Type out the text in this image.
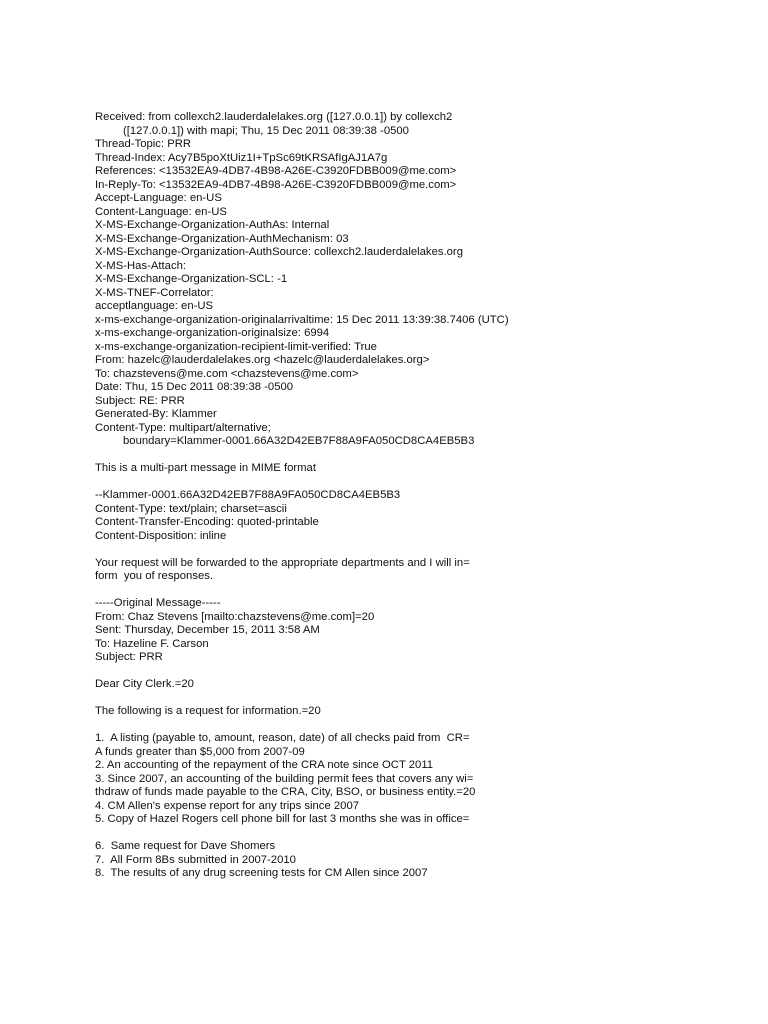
Received: from collexch2.lauderdalelakes.org ([127.0.0.1]) by collexch2
([127.0.0.1]) with mapi; Thu, 15 Dec 2011 08:39:38 -0500
Thread-Topic: PRR
Thread-Index: Acy7B5poXtUiz1I+TpSc69tKRSAfIgAJ1A7g
References: <13532EA9-4DB7-4B98-A26E-C3920FDBB009@me.com>
In-Reply-To: <13532EA9-4DB7-4B98-A26E-C3920FDBB009@me.com>
Accept-Language: en-US
Content-Language: en-US
X-MS-Exchange-Organization-AuthAs: Internal
X-MS-Exchange-Organization-AuthMechanism: 03
X-MS-Exchange-Organization-AuthSource: collexch2.lauderdalelakes.org
X-MS-Has-Attach:
X-MS-Exchange-Organization-SCL: -1
X-MS-TNEF-Correlator:
acceptlanguage: en-US
x-ms-exchange-organization-originalarrivaltime: 15 Dec 2011 13:39:38.7406 (UTC)
x-ms-exchange-organization-originalsize: 6994
x-ms-exchange-organization-recipient-limit-verified: True
From: hazelc@lauderdalelakes.org <hazelc@lauderdalelakes.org>
To: chazstevens@me.com <chazstevens@me.com>
Date: Thu, 15 Dec 2011 08:39:38 -0500
Subject: RE: PRR
Generated-By: Klammer
Content-Type: multipart/alternative;
boundary=Klammer-0001.66A32D42EB7F88A9FA050CD8CA4EB5B3
This is a multi-part message in MIME format
--Klammer-0001.66A32D42EB7F88A9FA050CD8CA4EB5B3
Content-Type: text/plain; charset=ascii
Content-Transfer-Encoding: quoted-printable
Content-Disposition: inline
Your request will be forwarded to the appropriate departments and I will in=
form  you of responses.
-----Original Message-----
From: Chaz Stevens [mailto:chazstevens@me.com]=20
Sent: Thursday, December 15, 2011 3:58 AM
To: Hazeline F. Carson
Subject: PRR
Dear City Clerk.=20
The following is a request for information.=20
1.  A listing (payable to, amount, reason, date) of all checks paid from  CR=
A funds greater than $5,000 from 2007-09
2. An accounting of the repayment of the CRA note since OCT 2011
3. Since 2007, an accounting of the building permit fees that covers any wi=
thdraw of funds made payable to the CRA, City, BSO, or business entity.=20
4. CM Allen's expense report for any trips since 2007
5. Copy of Hazel Rogers cell phone bill for last 3 months she was in office=
6.  Same request for Dave Shomers
7.  All Form 8Bs submitted in 2007-2010
8.  The results of any drug screening tests for CM Allen since 2007
